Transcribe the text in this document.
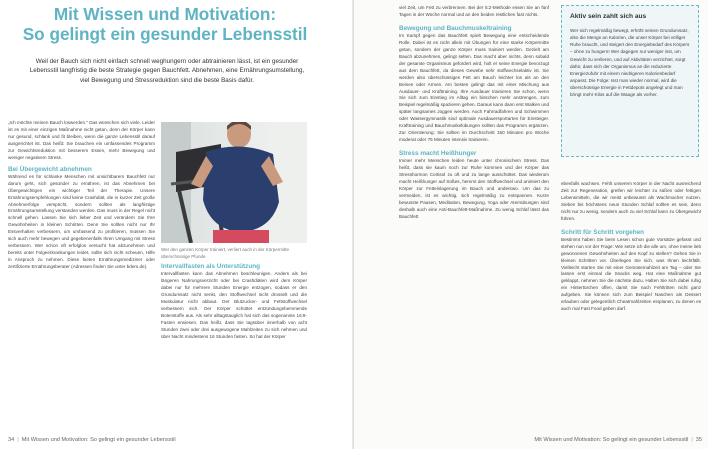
Mit Wissen und Motivation:
So gelingt ein gesunder Lebensstil
Weil der Bauch sich nicht einfach schnell weghungern oder abtrainieren lässt, ist ein gesunder Lebensstil langfristig die beste Strategie gegen Bauchfett. Abnehmen, eine Ernährungsumstellung, viel Bewegung und Stressreduktion sind die beste Basis dafür.

„Ich möchte meinen Bauch loswerden." Das wünschen sich viele. Leider ist es mit einer einzigen Maßnahme nicht getan, denn der Körper kann nur gesund, schlank und fit bleiben, wenn die ganze Lebensstil darauf ausgerichtet ist. Das heißt: Sie brauchen ein umfassendes Programm zur Gewichtsreduktion mit besserem Essen, mehr Bewegung und weniger negativem Stress.

Bei Übergewicht abnehmen

Während es für schlanke Menschen mit unsichtbarem Bauchfett nur darum geht, sich gesünder zu ernähren, ist das Abnehmen bei Übergewichtigen ein wichtiger Teil der Therapie. Unsere Ernährungsempfehlungen sind keine Crashdiät, die in kurzer Zeit große Abnehmerfolge verspricht, sondern sollten als langfristige Ernährungsumstellung verstanden werden. Das muss in der Regel nicht schnell gehen. Lassen Sie sich lieber Zeit und verändern Sie Ihre Gewohnheiten in kleinen Schritten. Denn Sie sollten nicht nur Ihr Essverhalten verbessern, um umfassend zu profitieren, müssen Sie sich auch mehr bewegen und gegebenenfalls Ihren Umgang mit Stress verbessern. Wer schon oft erfolglos versucht hat abzunehmen und bereits unter Folgeerkrankungen leidet, sollte sich nicht scheuen, Hilfe in Anspruch zu nehmen. Diese bieten Ernährungsmediziner oder zertifizierte Ernährungsberater (Adressen finden Sie unter bdem.de).

Wer den ganzen Körper trainiert, verliert auch in der Körpermitte überschüssige Pfunde.
Intervallfasten als Unterstützung

Intervallfasten kann das Abnehmen beschleunigen. Anders als bei längeren Nahrungsverzicht oder bei Crashdiäten wird dem Körper dabei nur für mehrere Stunden Energie entzogen, sodass er den Grundumsatz nicht senkt, den Stoffwechsel nicht drosselt und die Muskulatur nicht abbaut. Der Blutzucker- und Fettstoffwechsel verbessern sich. Der Körper schüttet entzündungshemmende Botenstoffe aus. Als sehr alltagstauglich hat sich das sogenannte 16:8-Fasten erwiesen. Das heißt, dass Sie tagsüber innerhalb von acht Stunden zwei oder drei ausgewogene Mahlzeiten zu sich nehmen und über Nacht mindestens 16 Stunden fasten. So hat der Körper

34 | Mit Wissen und Motivation: So gelingt ein gesunder Lebensstil

viel Zeit, um Fett zu verbrennen. Bei der 5:2-Methode essen Sie an fünf Tagen in der Woche normal und an den beiden restlichen fast nichts.

Bewegung und Bauchmuskeltraining

Im Kampf gegen das Bauchfett spielt Bewegung eine entscheidende Rolle. Dabei ist es nicht allein mit Übungen für eine starke Körpermitte getan, sondern der ganze Körper muss trainiert werden. Gezielt am Bauch abzunehmen, gelingt selten. Das macht aber nichts, denn sobald der gesamte Organismus gefordert wird, holt er seine Energie bevorzugt aus dem Bauchfett, da dieses Gewebe sehr stoffwechselaktiv ist. Sie werden also überschüssiges Fett am Bauch leichter los als an den Beinen oder Armen. Am besten gelingt das mit einer Mischung aus Ausdauer- und Krafttraining. Ihre Ausdauer trainieren Sie schon, wenn Sie sich zum Einstieg im Alltag ein bisschen mehr anstrengen, zum Beispiel regelmäßig spazieren gehen. Daraus kann dann erst Walken und später langsames Joggen werden. Auch Fahrradfahren und Schwimmen oder Wassergymnastik sind optimale Ausdauersportarten für Einsteiger. Krafttraining und Bauchmuskelübungen sollten das Programm ergänzen. Zur Orientierung: Sie sollten im Durchschnitt 150 Minuten pro Woche moderat oder 75 Minuten intensiv trainieren.

Stress macht Heißhunger

Immer mehr Menschen leiden heute unter chronischem Stress. Das heißt, dass sie kaum noch zur Ruhe kommen und der Körper das Stresshormon Cortisol zu oft und zu lange ausschüttet. Das wiederum macht Heißhunger auf Süßes, hemmt den Stoffwechsel und animiert den Körper zur Fetteinlagerung im Bauch und anderswo. Um das zu vermeiden, ist es wichtig, sich regelmäßig zu entspannen. Kurze bewusste Pausen, Meditation, Bewegung, Yoga oder Atemübungen sind deshalb auch eine Anti-Bauchfett-Maßnahme. Zu wenig Schlaf lässt das Bauchfett

ebenfalls wachsen. Fehlt unserem Körper in der Nacht ausreichend Zeit zur Regeneration, greifen wir leichter zu süßen oder fettigen Lebensmitteln, die wir meist unbewusst als Wachmacher nutzen. Sieben bis höchstens neun Stunden Schlaf sollten es sein, denn nicht nur zu wenig, sondern auch zu viel Schlaf kann zu Übergewicht führen.

Schritt für Schritt vorgehen

Bestimmt haben Sie beim Lesen schon gute Vorsätze gefasst und stehen nun vor der Frage: Wie setze ich die alle um, ohne meine lieb gewonnenen Gewohnheiten auf den Kopf zu stellen? Gehen Sie in kleinen Schritten vor. Überlegen Sie sich, was Ihnen leichtfällt. Vielleicht starten Sie mit einer Gemüsemahlzeit am Tag – oder Sie lassen erst einmal die Snacks weg. Hat eine Maßnahme gut geklappt, nehmen Sie die nächste dazu. Halten Sie sich dabei ruhig ein Hintertürchen offen, damit Sie nach Fehltritten nicht ganz aufgeben. Sie können sich zum Beispiel Naschen als Dessert erlauben oder gelegentlich Cheatmahlzeiten einplanen, zu denen es auch mal Fast Food geben darf.

Mit Wissen und Motivation: So gelingt ein gesunder Lebensstil | 35
Aktiv sein zahlt sich aus
Wer sich regelmäßig bewegt, erhöht seinen Grundumsatz, also die Menge an Kalorien, die unser Körper bei völliger Ruhe braucht, und steigert den Energiebedarf des Körpers – ohne zu hungern! Wer dagegen nur weniger isst, um Gewicht zu verlieren, und auf Aktivitäten verzichtet, sorgt dafür, dass sich der Organismus an die reduzierte Energiezufuhr mit einem niedrigeren Kalorienbedarf anpasst. Die Folge: Isst man wieder normal, wird die überschüssige Energie in Fettdepots angelegt und man bringt mehr Kilos auf die Waage als vorher.
